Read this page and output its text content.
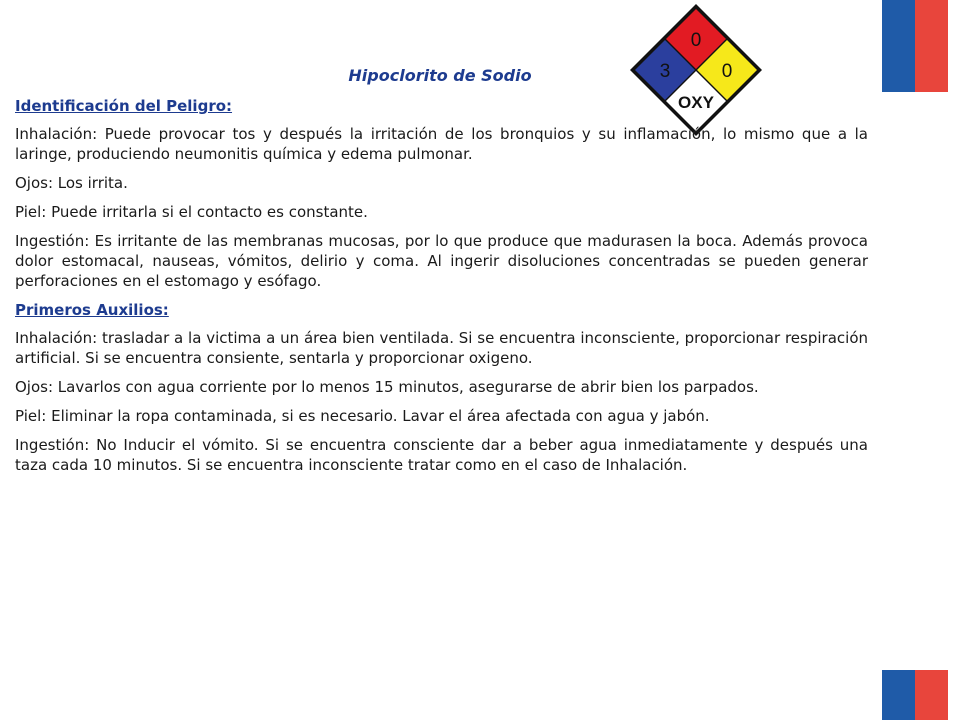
0
3	0
OXY
Hipoclorito de Sodio
Identificación del Peligro:

Inhalación: Puede provocar tos y después la irritación de los bronquios y su inflamación, lo mismo que a la laringe, produciendo neumonitis química y edema pulmonar.

Ojos: Los irrita.

Piel: Puede irritarla si el contacto es constante.

Ingestión: Es irritante de las membranas mucosas, por lo que produce que madurasen la boca. Además provoca dolor estomacal, nauseas, vómitos, delirio y coma. Al ingerir disoluciones concentradas se pueden generar perforaciones en el estomago y esófago.

Primeros Auxilios:

Inhalación: trasladar a la victima a un área bien ventilada. Si se encuentra inconsciente, proporcionar respiración artificial. Si se encuentra consiente, sentarla y proporcionar oxigeno.

Ojos: Lavarlos con agua corriente por lo menos 15 minutos, asegurarse de abrir bien los parpados.

Piel: Eliminar la ropa contaminada, si es necesario. Lavar el área afectada con agua y jabón.

Ingestión: No Inducir el vómito. Si se encuentra consciente dar a beber agua inmediatamente y después una taza cada 10 minutos. Si se encuentra inconsciente tratar como en el caso de Inhalación.
